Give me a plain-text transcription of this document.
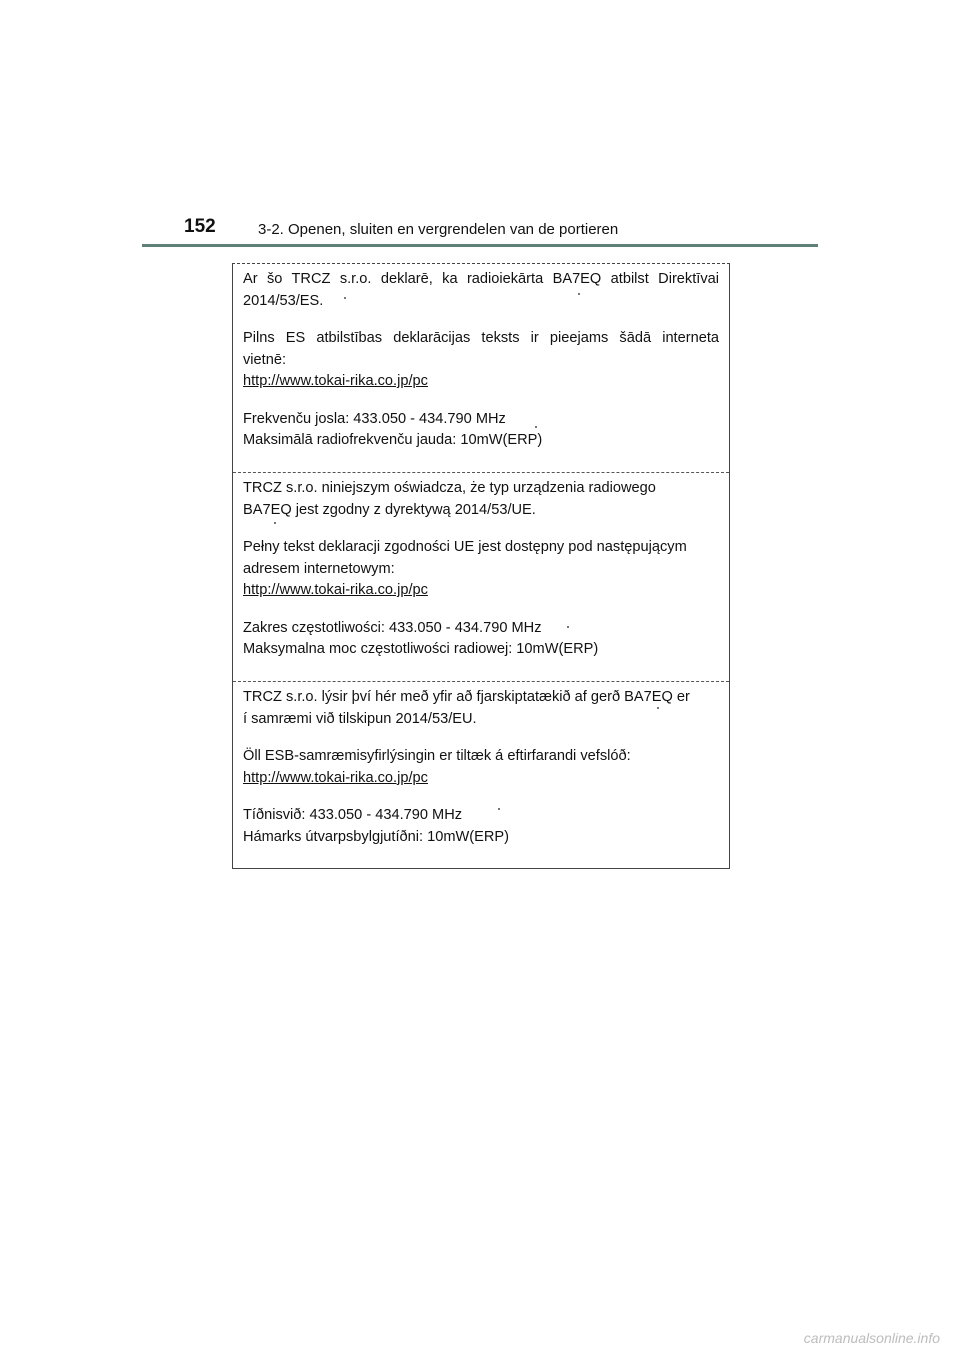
152	3-2. Openen, sluiten en vergrendelen van de portieren

Ar šo TRCZ s.r.o. deklarē, ka radioiekārta BA7EQ atbilst Direktīvai 2014/53/ES.

Pilns ES atbilstības deklarācijas teksts ir pieejams šādā interneta
vietnē:
http://www.tokai-rika.co.jp/pc

Frekvenču josla: 433.050 - 434.790 MHz
Maksimālā radiofrekvenču jauda: 10mW(ERP)

TRCZ s.r.o. niniejszym oświadcza, że typ urządzenia radiowego
BA7EQ jest zgodny z dyrektywą 2014/53/UE.

Pełny tekst deklaracji zgodności UE jest dostępny pod następującym
adresem internetowym:
http://www.tokai-rika.co.jp/pc

Zakres częstotliwości: 433.050 - 434.790 MHz
Maksymalna moc częstotliwości radiowej: 10mW(ERP)

TRCZ s.r.o. lýsir því hér með yfir að fjarskiptatækið af gerð BA7EQ er
í samræmi við tilskipun 2014/53/EU.

Öll ESB-samræmisyfirlýsingin er tiltæk á eftirfarandi vefslóð:
http://www.tokai-rika.co.jp/pc

Tíðnisvið: 433.050 - 434.790 MHz
Hámarks útvarpsbylgjutíðni: 10mW(ERP)

carmanualsonline.info
